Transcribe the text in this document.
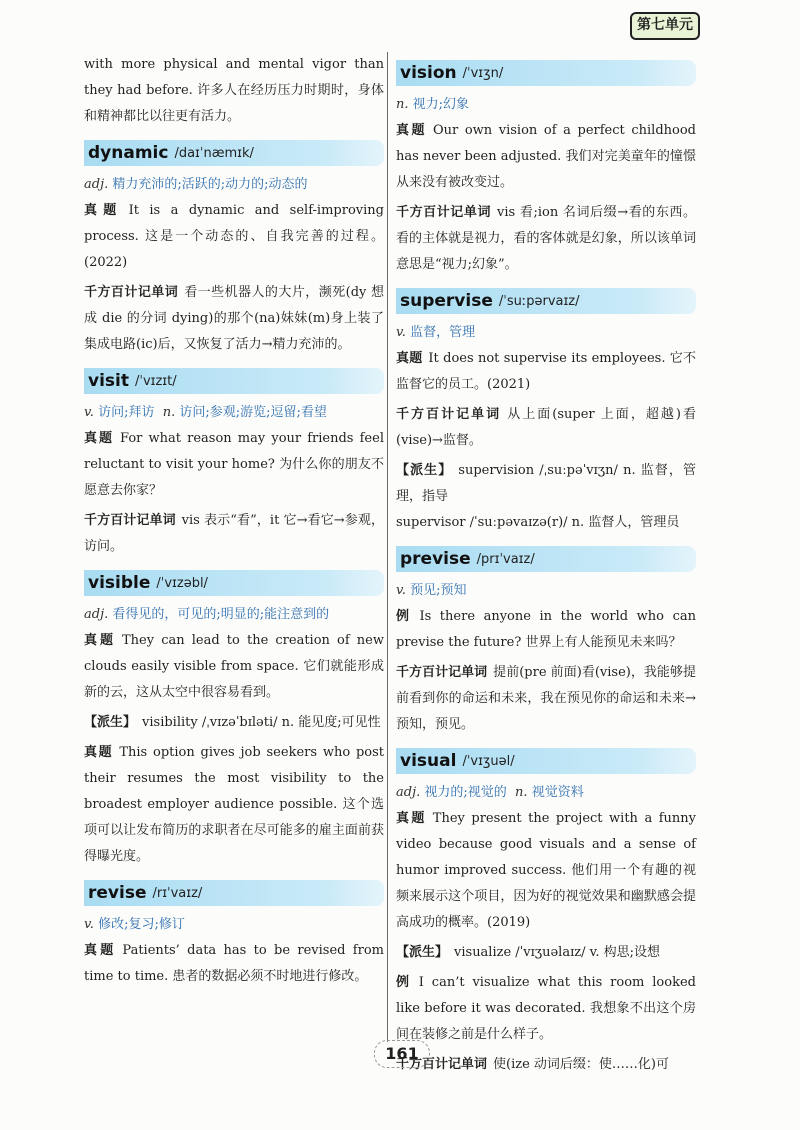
第七单元

with more physical and mental vigor than they had before. 许多人在经历压力时期时，身体和精神都比以往更有活力。

dynamic /daɪˈnæmɪk/

adj. 精力充沛的;活跃的;动力的;动态的

真题 It is a dynamic and self-improving process. 这是一个动态的、自我完善的过程。(2022)

千方百计记单词 看一些机器人的大片，濒死(dy 想成 die 的分词 dying)的那个(na)妹妹(m)身上装了集成电路(ic)后，又恢复了活力→精力充沛的。

visit /ˈvɪzɪt/

v. 访问;拜访 n. 访问;参观;游览;逗留;看望

真题 For what reason may your friends feel reluctant to visit your home? 为什么你的朋友不愿意去你家？

千方百计记单词 vis 表示“看”，it 它→看它→参观，访问。

visible /ˈvɪzəbl/

adj. 看得见的，可见的;明显的;能注意到的

真题 They can lead to the creation of new clouds easily visible from space. 它们就能形成新的云，这从太空中很容易看到。

【派生】 visibility /ˌvɪzəˈbɪləti/ n. 能见度;可见性

真题 This option gives job seekers who post their resumes the most visibility to the broadest employer audience possible. 这个选项可以让发布简历的求职者在尽可能多的雇主面前获得曝光度。

revise /rɪˈvaɪz/

v. 修改;复习;修订

真题 Patients’ data has to be revised from time to time. 患者的数据必须不时地进行修改。

vision /ˈvɪʒn/

n. 视力;幻象

真题 Our own vision of a perfect childhood has never been adjusted. 我们对完美童年的憧憬从来没有被改变过。

千方百计记单词 vis 看;ion 名词后缀→看的东西。看的主体就是视力，看的客体就是幻象，所以该单词意思是“视力;幻象”。

supervise /ˈsuːpərvaɪz/

v. 监督，管理

真题 It does not supervise its employees. 它不监督它的员工。(2021)

千方百计记单词 从上面(super 上面，超越)看(vise)→监督。

【派生】 supervision /ˌsuːpəˈvɪʒn/ n. 监督，管理，指导

supervisor /ˈsuːpəvaɪzə(r)/ n. 监督人，管理员

previse /prɪˈvaɪz/

v. 预见;预知

例 Is there anyone in the world who can previse the future? 世界上有人能预见未来吗？

千方百计记单词 提前(pre 前面)看(vise)，我能够提前看到你的命运和未来，我在预见你的命运和未来→预知，预见。

visual /ˈvɪʒuəl/

adj. 视力的;视觉的 n. 视觉资料

真题 They present the project with a funny video because good visuals and a sense of humor improved success. 他们用一个有趣的视频来展示这个项目，因为好的视觉效果和幽默感会提高成功的概率。(2019)

【派生】 visualize /ˈvɪʒuəlaɪz/ v. 构思;设想

例 I can’t visualize what this room looked like before it was decorated. 我想象不出这个房间在装修之前是什么样子。

千方百计记单词 使(ize 动词后缀：使……化)可

161
